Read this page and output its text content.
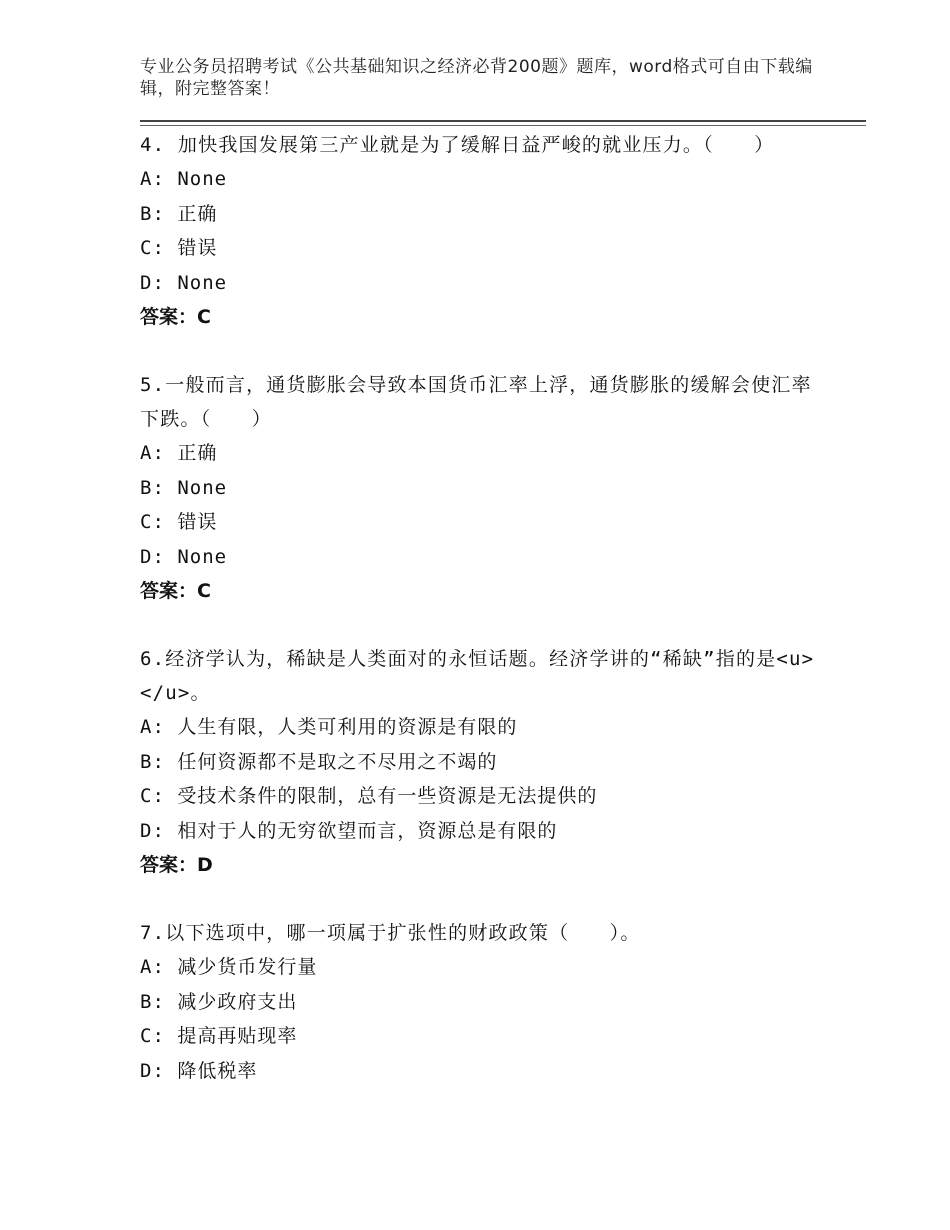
专业公务员招聘考试《公共基础知识之经济必背200题》题库，word格式可自由下载编辑，附完整答案！

4. 加快我国发展第三产业就是为了缓解日益严峻的就业压力。（　　）

A: None

B: 正确

C: 错误

D: None

答案：C

5.一般而言，通货膨胀会导致本国货币汇率上浮，通货膨胀的缓解会使汇率下跌。（　　）

A: 正确

B: None

C: 错误

D: None

答案：C

6.经济学认为，稀缺是人类面对的永恒话题。经济学讲的“稀缺”指的是<u>　　　</u>。

A: 人生有限，人类可利用的资源是有限的

B: 任何资源都不是取之不尽用之不竭的

C: 受技术条件的限制，总有一些资源是无法提供的

D: 相对于人的无穷欲望而言，资源总是有限的

答案：D

7.以下选项中，哪一项属于扩张性的财政政策（　　）。

A: 减少货币发行量

B: 减少政府支出

C: 提高再贴现率

D: 降低税率
